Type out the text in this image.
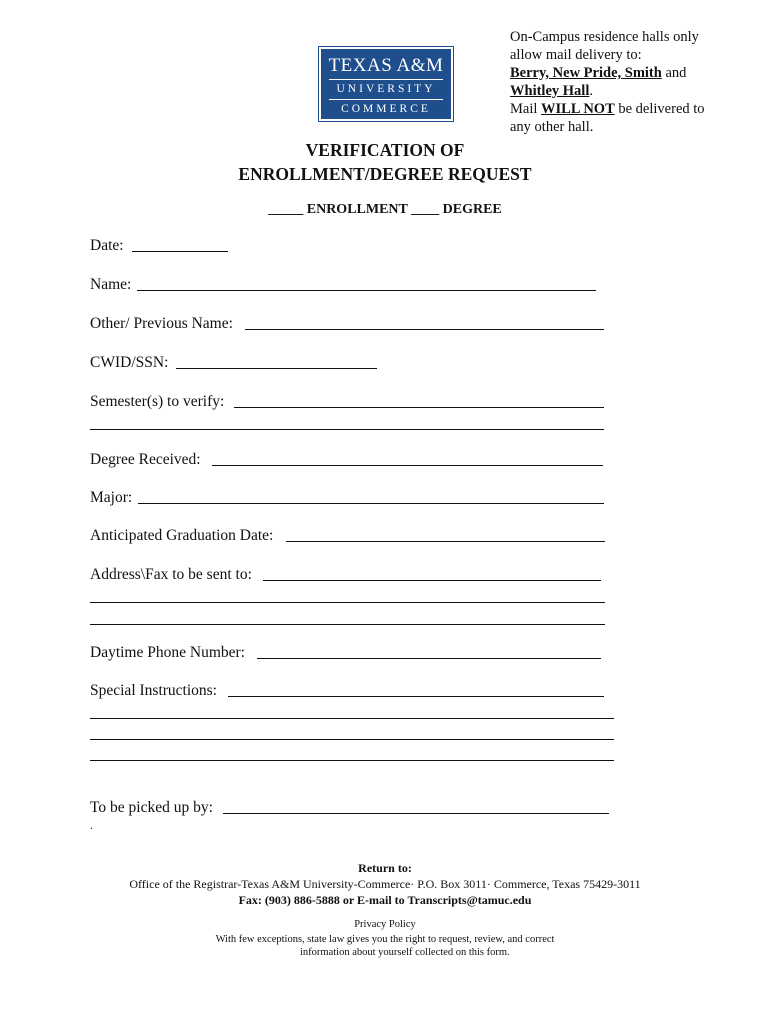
TEXAS A&M
UNIVERSITY
COMMERCE
On-Campus residence halls only
allow mail delivery to:
Berry, New Pride, Smith and
Whitley Hall.
Mail WILL NOT be delivered to
any other hall.
VERIFICATION OF
ENROLLMENT/DEGREE REQUEST
_____ ENROLLMENT ____ DEGREE
Date:
Name:
Other/ Previous Name:
CWID/SSN:
Semester(s) to verify:
Degree Received:
Major:
Anticipated Graduation Date:
Address\Fax to be sent to:
Daytime Phone Number:
Special Instructions:
To be picked up by:
.
Return to:
Office of the Registrar-Texas A&M University-Commerce· P.O. Box 3011· Commerce, Texas 75429-3011
Fax: (903) 886-5888 or E-mail to Transcripts@tamuc.edu
Privacy Policy
With few exceptions, state law gives you the right to request, review, and correct
information about yourself collected on this form.
